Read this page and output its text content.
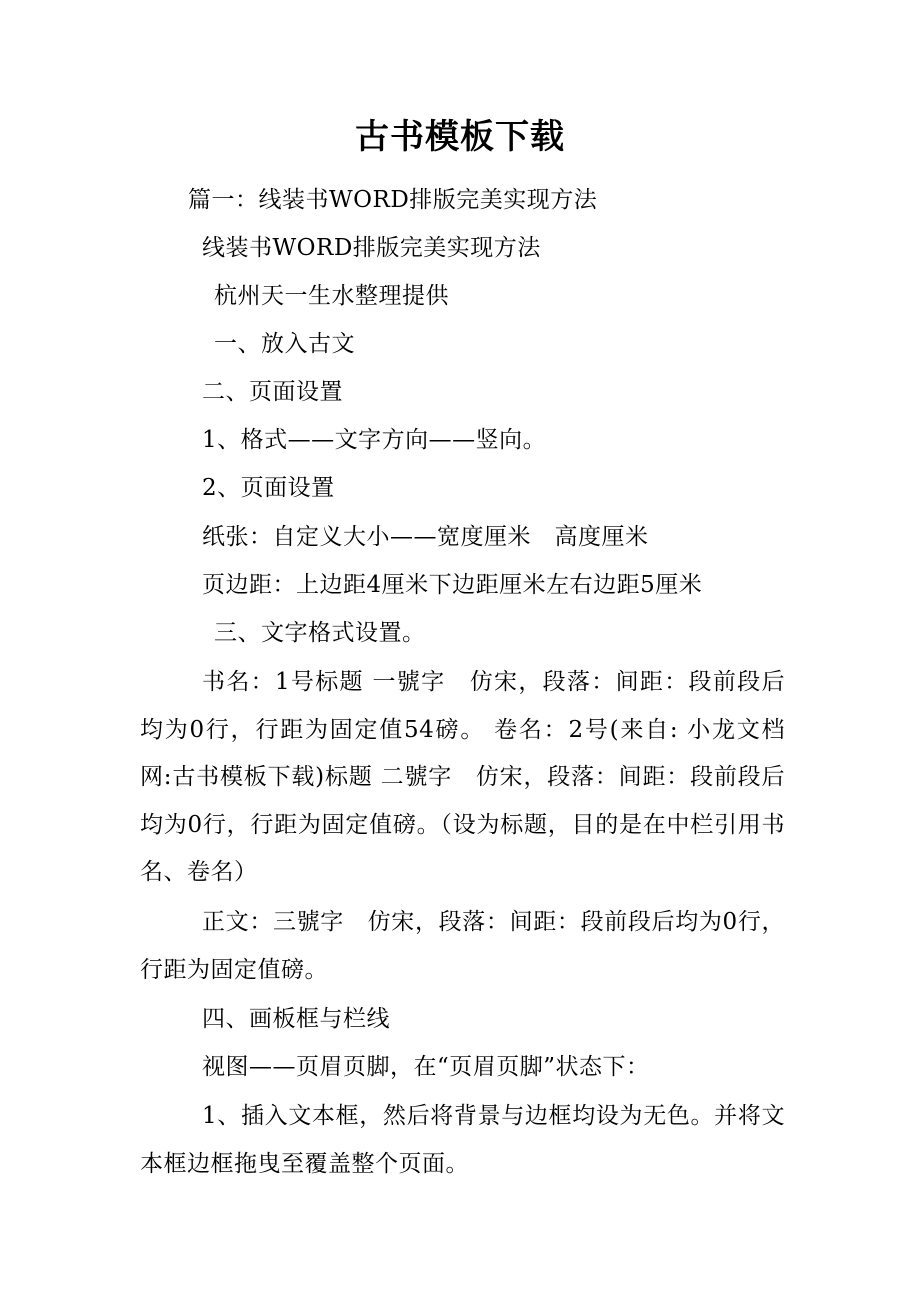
古书模板下载
篇一：线装书WORD排版完美实现方法
线装书WORD排版完美实现方法
杭州天一生水整理提供
一、放入古文
二、页面设置
1、格式——文字方向——竖向。
2、页面设置
纸张：自定义大小——宽度厘米　高度厘米
页边距：上边距4厘米下边距厘米左右边距5厘米
三、文字格式设置。
书名：1号标题 一號字　仿宋，段落：间距：段前段后均为0行，行距为固定值54磅。 卷名：2号(来自: 小龙文档 网:古书模板下载)标题 二號字　仿宋，段落：间距：段前段后均为0行，行距为固定值磅。（设为标题，目的是在中栏引用书名、卷名）
正文：三號字　仿宋，段落：间距：段前段后均为0行，行距为固定值磅。
四、画板框与栏线
视图——页眉页脚，在“页眉页脚”状态下：
1、插入文本框，然后将背景与边框均设为无色。并将文本框边框拖曳至覆盖整个页面。
